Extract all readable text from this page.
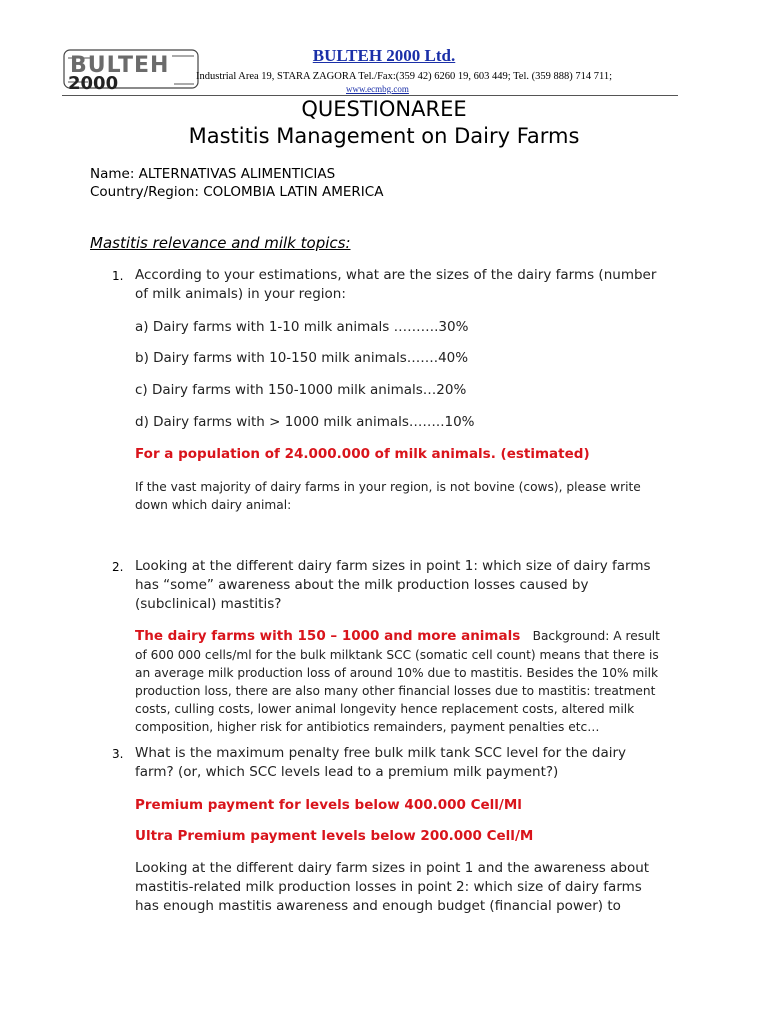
BULTEH
2000
BULTEH 2000 Ltd.
Industrial Area 19, STARA ZAGORA Tel./Fax:(359 42) 6260 19, 603 449; Tel. (359 888) 714 711;
www.ecmbg.com
QUESTIONAREE
Mastitis Management on Dairy Farms
Name: ALTERNATIVAS ALIMENTICIAS
Country/Region: COLOMBIA LATIN AMERICA
Mastitis relevance and milk topics:
1. According to your estimations, what are the sizes of the dairy farms (number
of milk animals) in your region:
a) Dairy farms with 1-10 milk animals ……….30%
b) Dairy farms with 10-150 milk animals…….40%
c) Dairy farms with 150-1000 milk animals…20%
d) Dairy farms with > 1000 milk animals……..10%
For a population of 24.000.000 of milk animals. (estimated)
If the vast majority of dairy farms in your region, is not bovine (cows), please write
down which dairy animal:
2. Looking at the different dairy farm sizes in point 1: which size of dairy farms
has “some” awareness about the milk production losses caused by
(subclinical) mastitis?
The dairy farms with 150 – 1000 and more animals Background: A result
of 600 000 cells/ml for the bulk milktank SCC (somatic cell count) means that there is
an average milk production loss of around 10% due to mastitis. Besides the 10% milk
production loss, there are also many other financial losses due to mastitis: treatment
costs, culling costs, lower animal longevity hence replacement costs, altered milk
composition, higher risk for antibiotics remainders, payment penalties etc…
3. What is the maximum penalty free bulk milk tank SCC level for the dairy
farm? (or, which SCC levels lead to a premium milk payment?)
Premium payment for levels below 400.000 Cell/Ml
Ultra Premium payment levels below 200.000 Cell/M
Looking at the different dairy farm sizes in point 1 and the awareness about
mastitis-related milk production losses in point 2: which size of dairy farms
has enough mastitis awareness and enough budget (financial power) to
